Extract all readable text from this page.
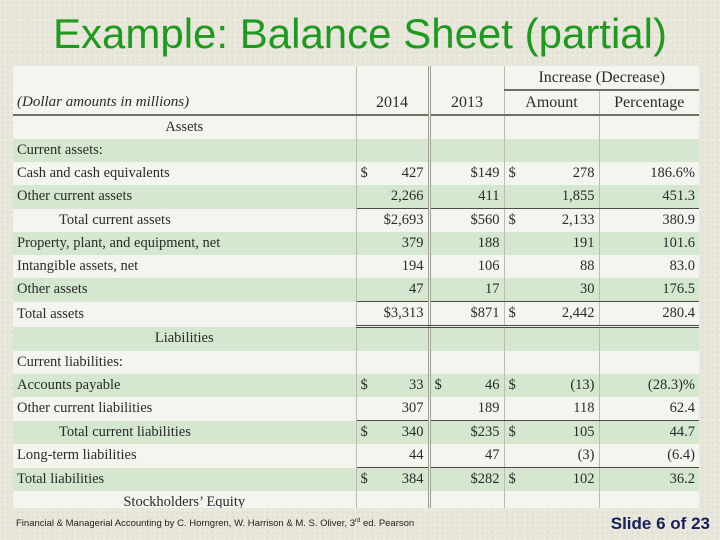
Example: Balance Sheet (partial)
			Increase (Decrease)	
(Dollar amounts in millions)	2014	2013	Amount	Percentage
Assets				
Current assets:				
Cash and cash equivalents	$ 427	$149	$ 278	186.6%
Other current assets	2,266	411	1,855	451.3
Total current assets	$2,693	$560	$ 2,133	380.9
Property, plant, and equipment, net	379	188	191	101.6
Intangible assets, net	194	106	88	83.0
Other assets	47	17	30	176.5
Total assets	$3,313	$871	$ 2,442	280.4
Liabilities				
Current liabilities:				
Accounts payable	$ 33	$ 46	$ (13)	(28.3)%
Other current liabilities	307	189	118	62.4
Total current liabilities	$ 340	$235	$ 105	44.7
Long-term liabilities	44	47	(3)	(6.4)
Total liabilities	$ 384	$282	$ 102	36.2
Stockholders’ Equity				
Financial & Managerial Accounting by C. Horngren, W. Harrison & M. S. Oliver, 3rd ed. Pearson	Slide 6 of 23
